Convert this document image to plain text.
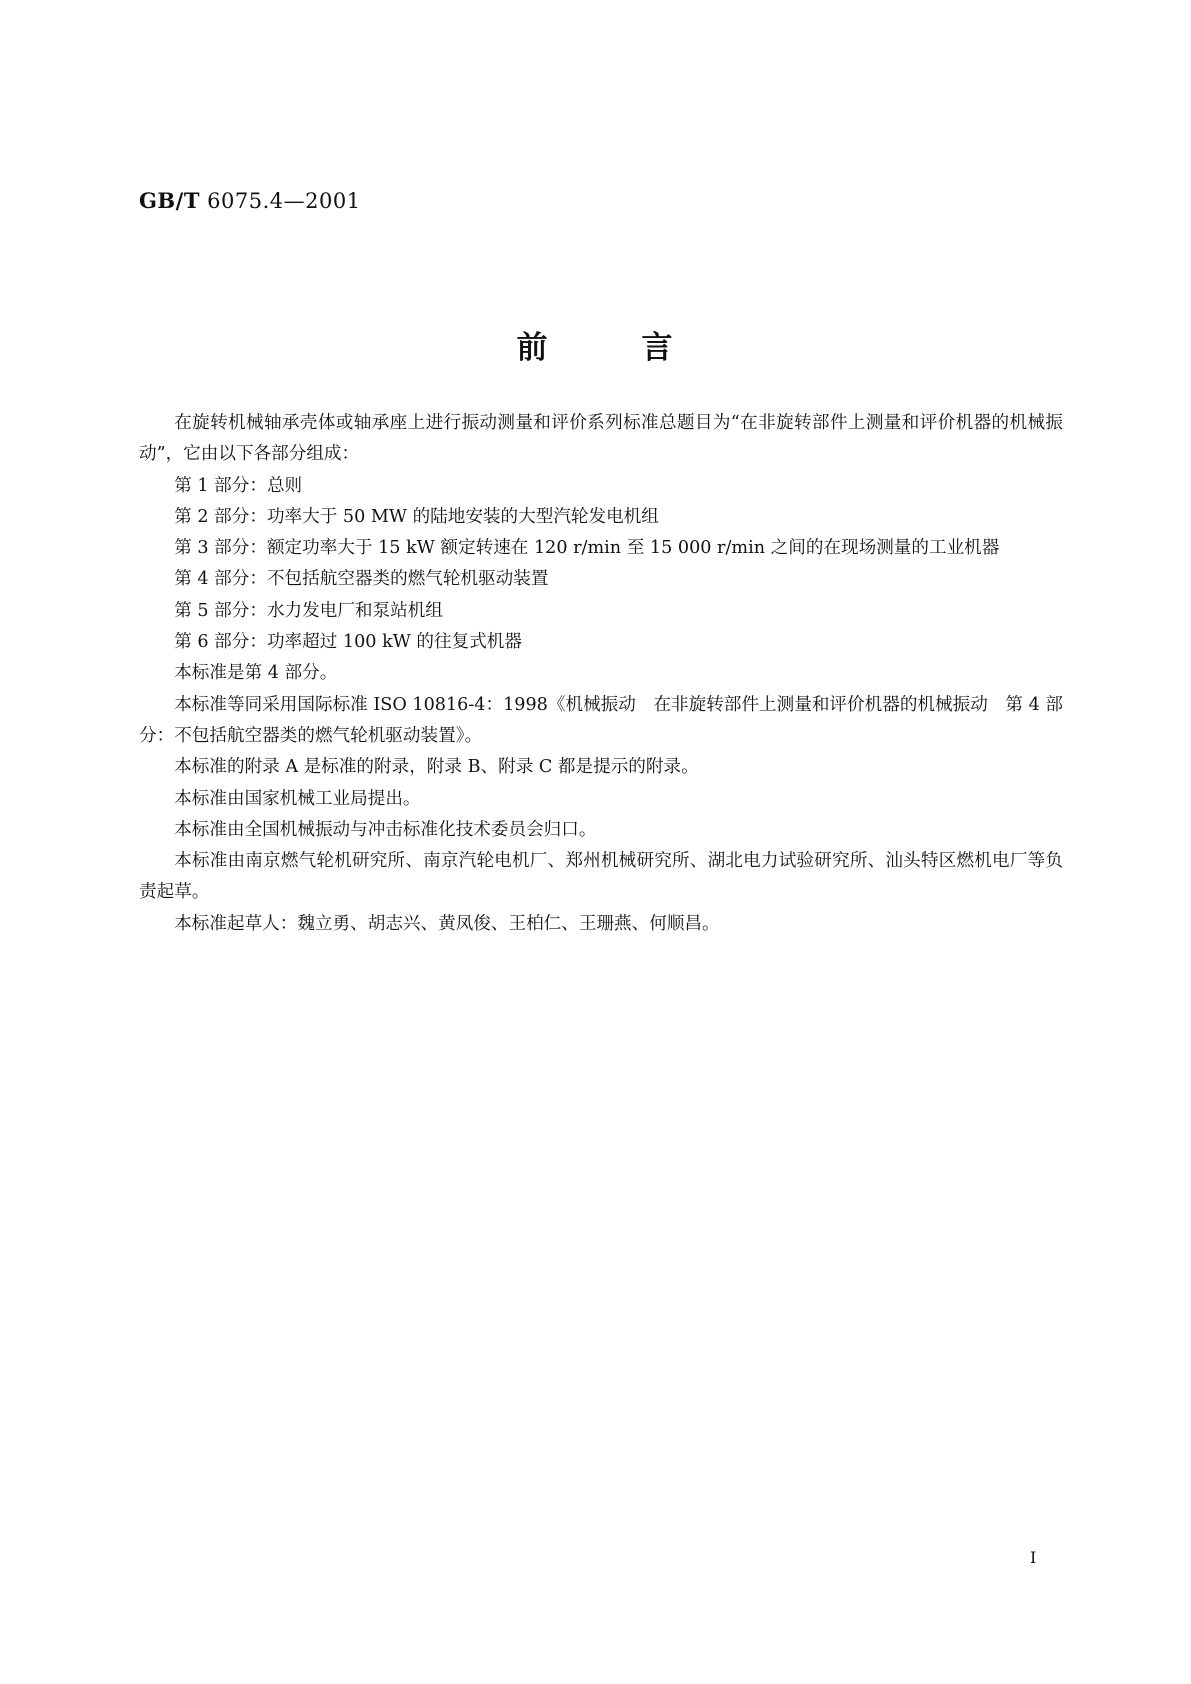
GB/T 6075.4—2001
前	言

在旋转机械轴承壳体或轴承座上进行振动测量和评价系列标准总题目为“在非旋转部件上测量和评价机器的机械振动”，它由以下各部分组成：

第 1 部分：总则

第 2 部分：功率大于 50 MW 的陆地安装的大型汽轮发电机组

第 3 部分：额定功率大于 15 kW 额定转速在 120 r/min 至 15 000 r/min 之间的在现场测量的工业机器

第 4 部分：不包括航空器类的燃气轮机驱动装置

第 5 部分：水力发电厂和泵站机组

第 6 部分：功率超过 100 kW 的往复式机器

本标准是第 4 部分。

本标准等同采用国际标准 ISO 10816-4：1998《机械振动　在非旋转部件上测量和评价机器的机械振动　第 4 部分：不包括航空器类的燃气轮机驱动装置》。

本标准的附录 A 是标准的附录，附录 B、附录 C 都是提示的附录。

本标准由国家机械工业局提出。

本标准由全国机械振动与冲击标准化技术委员会归口。

本标准由南京燃气轮机研究所、南京汽轮电机厂、郑州机械研究所、湖北电力试验研究所、汕头特区燃机电厂等负责起草。

本标准起草人：魏立勇、胡志兴、黄凤俊、王柏仁、王珊燕、何顺昌。

I
